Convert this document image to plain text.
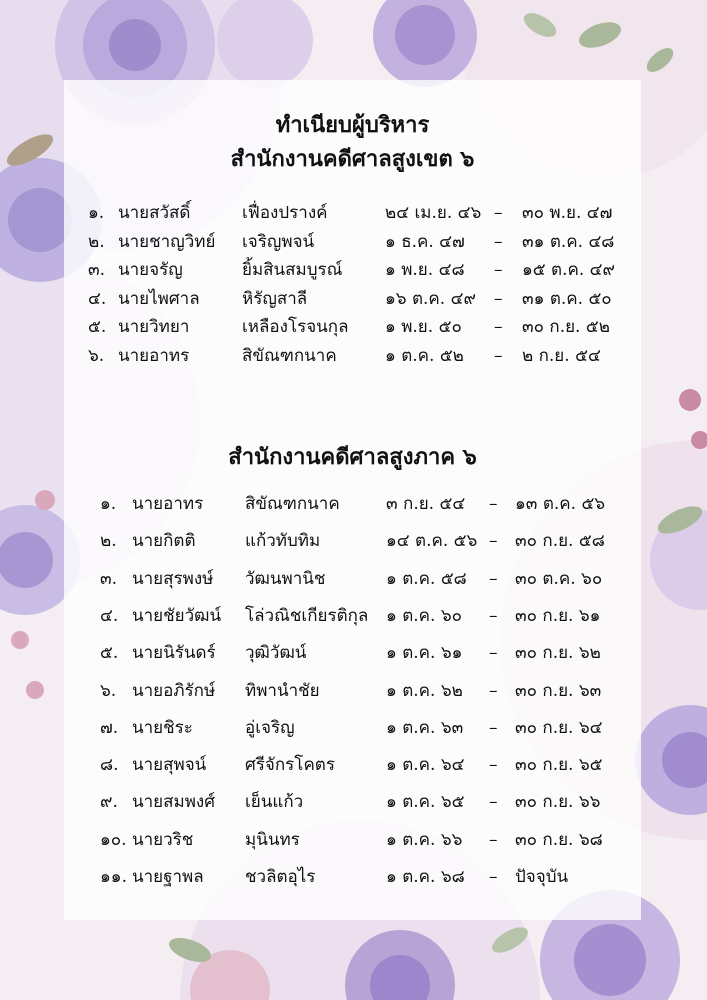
ทำเนียบผู้บริหาร
สำนักงานคดีศาลสูงเขต ๖
๑. นายสวัสดิ์	เฟื่องปรางค์	๒๔ เม.ย. ๔๖ – ๓๐ พ.ย. ๔๗
๒. นายชาญวิทย์ เจริญพจน์	๑ ธ.ค. ๔๗ – ๓๑ ต.ค. ๔๘
๓. นายจรัญ	ยิ้มสินสมบูรณ์	๑ พ.ย. ๔๘ – ๑๕ ต.ค. ๔๙
๔. นายไพศาล หิรัญสาลี	๑๖ ต.ค. ๔๙ – ๓๑ ต.ค. ๕๐
๕. นายวิทยา	เหลืองโรจนกุล ๑ พ.ย. ๕๐ – ๓๐ ก.ย. ๕๒
๖. นายอาทร	สิขัณฑกนาค	๑ ต.ค. ๕๒ – ๒ ก.ย. ๕๔
สำนักงานคดีศาลสูงภาค ๖
๑. นายอาทร สิขัณฑกนาค	๓ ก.ย. ๕๔ – ๑๓ ต.ค. ๕๖
๒. นายกิตติ	แก้วทับทิม	๑๔ ต.ค. ๕๖ – ๓๐ ก.ย. ๕๘
๓. นายสุรพงษ์ วัฒนพานิช	๑ ต.ค. ๕๘ – ๓๐ ต.ค. ๖๐
๔. นายชัยวัฒน์ โล่วณิชเกียรติกุล ๑ ต.ค. ๖๐ – ๓๐ ก.ย. ๖๑
๕. นายนิรันดร์ วุฒิวัฒน์	๑ ต.ค. ๖๑ – ๓๐ ก.ย. ๖๒
๖. นายอภิรักษ์ ทิพานำชัย	๑ ต.ค. ๖๒ – ๓๐ ก.ย. ๖๓
๗. นายชิระ	อู่เจริญ	๑ ต.ค. ๖๓ – ๓๐ ก.ย. ๖๔
๘. นายสุพจน์ ศรีจักรโคตร	๑ ต.ค. ๖๔ – ๓๐ ก.ย. ๖๕
๙. นายสมพงศ์ เย็นแก้ว	๑ ต.ค. ๖๕ – ๓๐ ก.ย. ๖๖
๑๐. นายวริช	มุนินทร	๑ ต.ค. ๖๖ – ๓๐ ก.ย. ๖๘
๑๑. นายฐาพล ชวลิตอุไร	๑ ต.ค. ๖๘ – ปัจจุบัน
